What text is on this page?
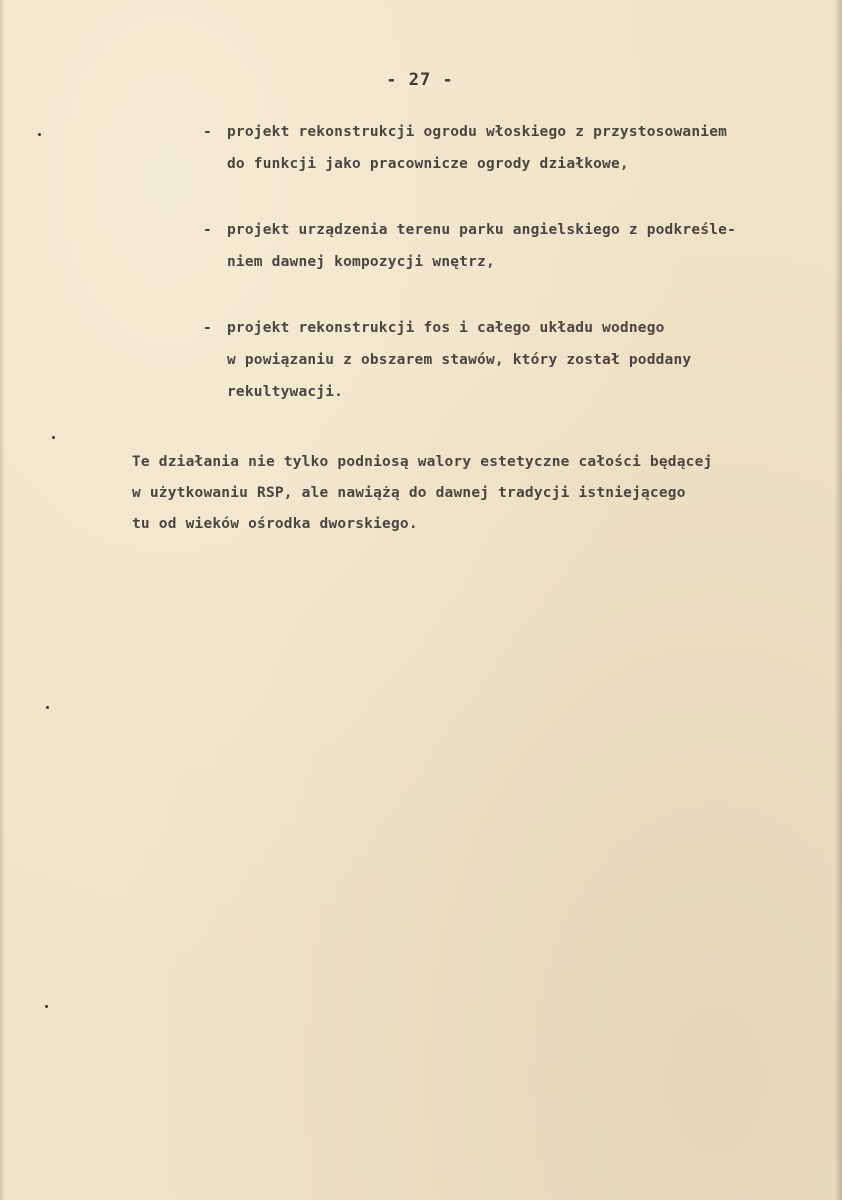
- 27 -
- projekt rekonstrukcji ogrodu włoskiego z przystosowaniem
do funkcji jako pracownicze ogrody działkowe,
- projekt urządzenia terenu parku angielskiego z podkreśle-
niem dawnej kompozycji wnętrz,
- projekt rekonstrukcji fos i całego układu wodnego
w powiązaniu z obszarem stawów, który został poddany
rekultywacji.
Te działania nie tylko podniosą walory estetyczne całości będącej
w użytkowaniu RSP, ale nawiążą do dawnej tradycji istniejącego
tu od wieków ośrodka dworskiego.
